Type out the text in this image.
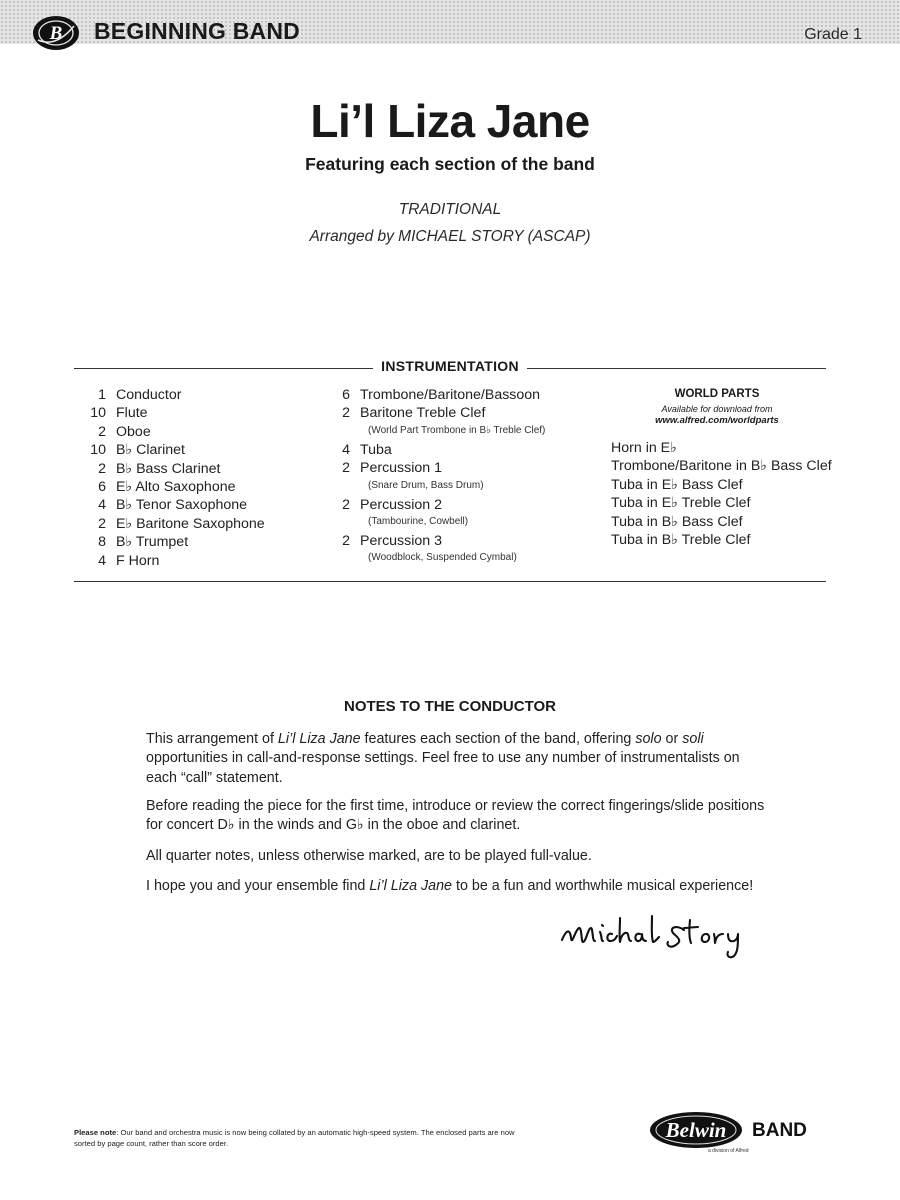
B BEGINNING BAND	Grade 1
Li’l Liza Jane
Featuring each section of the band
TRADITIONAL
Arranged by MICHAEL STORY (ASCAP)
INSTRUMENTATION
1 Conductor
10 Flute
2 Oboe
10 B♭ Clarinet
2 B♭ Bass Clarinet
6 E♭ Alto Saxophone
4 B♭ Tenor Saxophone
2 E♭ Baritone Saxophone
8 B♭ Trumpet
4 F Horn
6 Trombone/Baritone/Bassoon
2 Baritone Treble Clef
(World Part Trombone in B♭ Treble Clef)
4 Tuba
2 Percussion 1
(Snare Drum, Bass Drum)
2 Percussion 2
(Tambourine, Cowbell)
2 Percussion 3
(Woodblock, Suspended Cymbal)
WORLD PARTS
Available for download from
www.alfred.com/worldparts
Horn in E♭
Trombone/Baritone in B♭ Bass Clef
Tuba in E♭ Bass Clef
Tuba in E♭ Treble Clef
Tuba in B♭ Bass Clef
Tuba in B♭ Treble Clef
NOTES TO THE CONDUCTOR
This arrangement of Li’l Liza Jane features each section of the band, offering solo or soli opportunities in call-and-response settings. Feel free to use any number of instrumentalists on each “call” statement.
Before reading the piece for the first time, introduce or review the correct fingerings/slide positions for concert D♭ in the winds and G♭ in the oboe and clarinet.
All quarter notes, unless otherwise marked, are to be played full-value.
I hope you and your ensemble find Li’l Liza Jane to be a fun and worthwhile musical experience!
Please note: Our band and orchestra music is now being collated by an automatic high-speed system. The enclosed parts are now sorted by page count, rather than score order.
Belwin BAND
a division of Alfred
